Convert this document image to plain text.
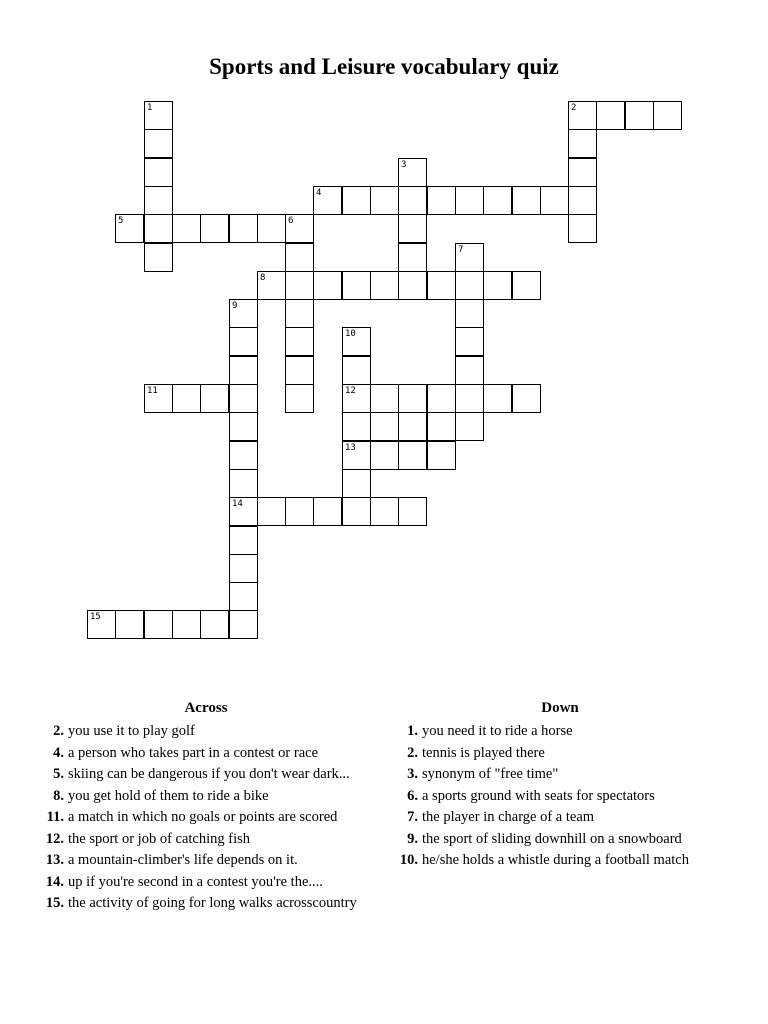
Sports and Leisure vocabulary quiz
1	2
3
4
5	6
7
8
9
10
11	12
13
14
15
Across
2. you use it to play golf
4. a person who takes part in a contest or race
5. skiing can be dangerous if you don't wear dark...
8. you get hold of them to ride a bike
11. a match in which no goals or points are scored
12. the sport or job of catching fish
13. a mountain-climber's life depends on it.
14. up if you're second in a contest you're the....
15. the activity of going for long walks acrosscountry
Down
1. you need it to ride a horse
2. tennis is played there
3. synonym of "free time"
6. a sports ground with seats for spectators
7. the player in charge of a team
9. the sport of sliding downhill on a snowboard
10. he/she holds a whistle during a football match
